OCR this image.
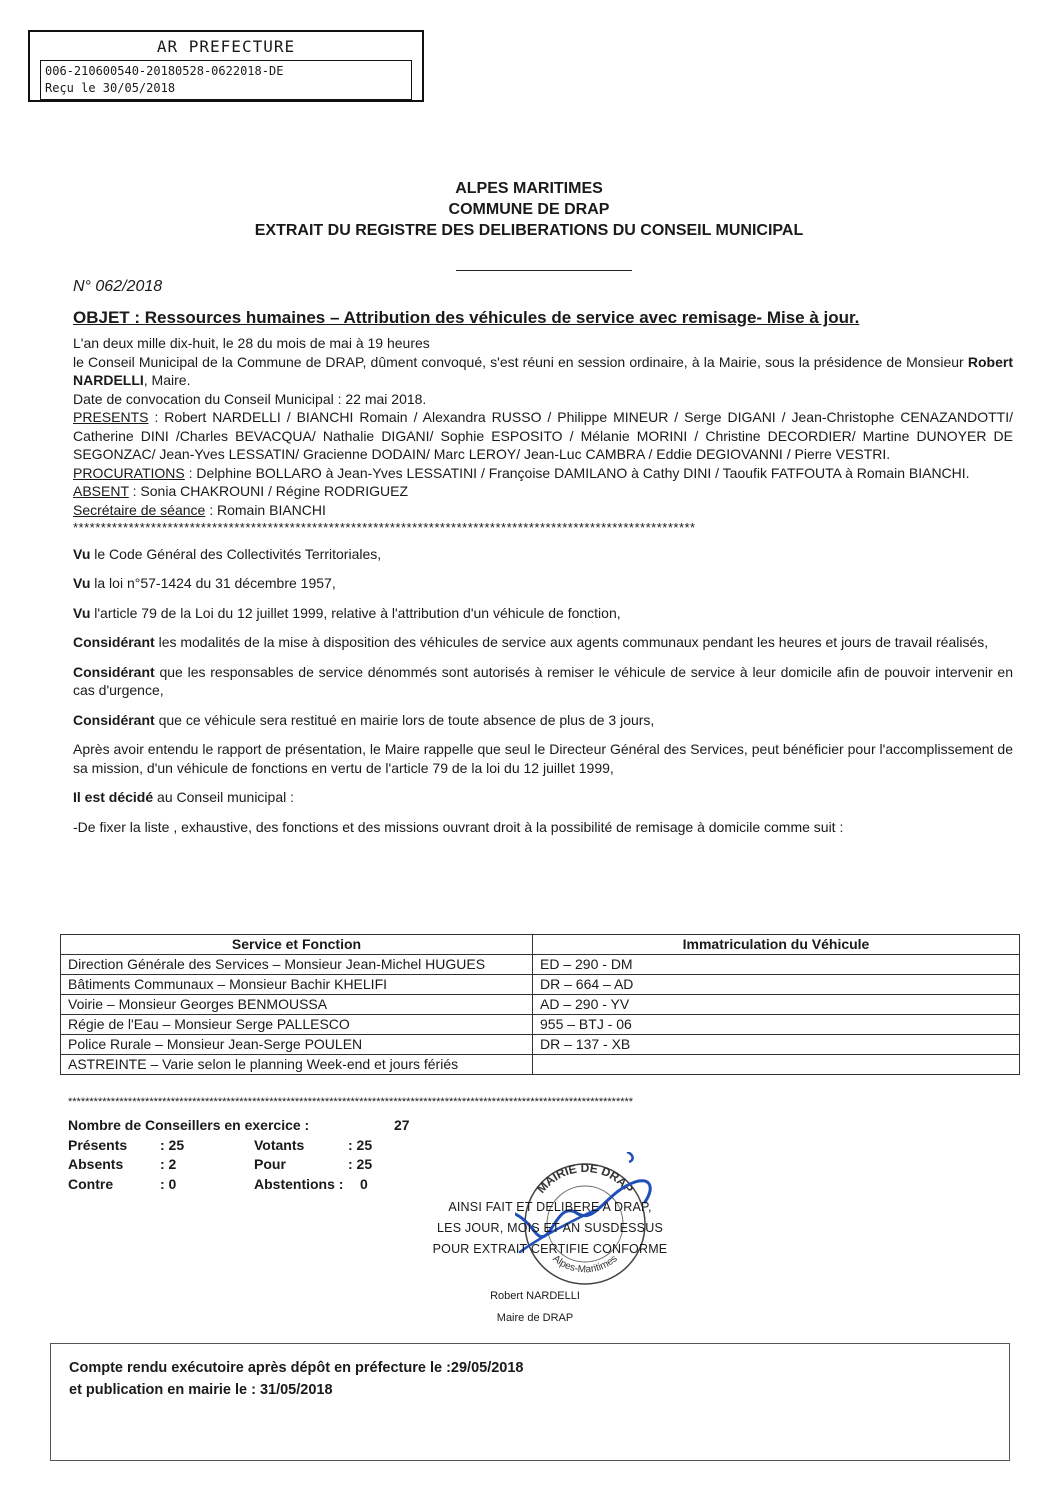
AR PREFECTURE
006-210600540-20180528-0622018-DE
Reçu le 30/05/2018
ALPES MARITIMES
COMMUNE DE DRAP
EXTRAIT DU REGISTRE DES DELIBERATIONS DU CONSEIL MUNICIPAL
N° 062/2018
OBJET : Ressources humaines – Attribution des véhicules de service avec remisage- Mise à jour.
L'an deux mille dix-huit, le 28 du mois de mai à 19 heures
le Conseil Municipal de la Commune de DRAP, dûment convoqué, s'est réuni en session ordinaire, à la Mairie, sous la présidence de Monsieur Robert NARDELLI, Maire.
Date de convocation du Conseil Municipal : 22 mai 2018.
PRESENTS : Robert NARDELLI / BIANCHI Romain / Alexandra RUSSO / Philippe MINEUR / Serge DIGANI / Jean-Christophe CENAZANDOTTI/ Catherine DINI /Charles BEVACQUA/ Nathalie DIGANI/ Sophie ESPOSITO / Mélanie MORINI / Christine DECORDIER/ Martine DUNOYER DE SEGONZAC/ Jean-Yves LESSATIN/ Gracienne DODAIN/ Marc LEROY/ Jean-Luc CAMBRA / Eddie DEGIOVANNI / Pierre VESTRI.
PROCURATIONS : Delphine BOLLARO à Jean-Yves LESSATINI / Françoise DAMILANO à Cathy DINI / Taoufik FATFOUTA à Romain BIANCHI.
ABSENT : Sonia CHAKROUNI / Régine RODRIGUEZ
Secrétaire de séance : Romain BIANCHI
****************************************************************************************************************

Vu le Code Général des Collectivités Territoriales,

Vu la loi n°57-1424 du 31 décembre 1957,

Vu l'article 79 de la Loi du 12 juillet 1999, relative à l'attribution d'un véhicule de fonction,

Considérant les modalités de la mise à disposition des véhicules de service aux agents communaux pendant les heures et jours de travail réalisés,

Considérant que les responsables de service dénommés sont autorisés à remiser le véhicule de service à leur domicile afin de pouvoir intervenir en cas d'urgence,

Considérant que ce véhicule sera restitué en mairie lors de toute absence de plus de 3 jours,

Après avoir entendu le rapport de présentation, le Maire rappelle que seul le Directeur Général des Services, peut bénéficier pour l'accomplissement de sa mission, d'un véhicule de fonctions en vertu de l'article 79 de la loi du 12 juillet 1999,

Il est décidé au Conseil municipal :

-De fixer la liste , exhaustive, des fonctions et des missions ouvrant droit à la possibilité de remisage à domicile comme suit :

Service et Fonction	Immatriculation du Véhicule
Direction Générale des Services – Monsieur Jean-Michel HUGUES	ED – 290 - DM
Bâtiments Communaux – Monsieur Bachir KHELIFI	DR – 664 – AD
Voirie – Monsieur Georges BENMOUSSA	AD – 290 - YV
Régie de l'Eau – Monsieur Serge PALLESCO	955 – BTJ - 06
Police Rurale – Monsieur Jean-Serge POULEN	DR – 137 - XB
ASTREINTE – Varie selon le planning Week-end et jours fériés	
************************************************************************************************************************************
Nombre de Conseillers en exercice :	27
Présents	: 25	Votants	: 25
Absents	: 2	Pour	: 25
Contre	: 0	Abstentions :	0	MAIRIE DE DRAP
Alpes-Maritimes
AINSI FAIT ET DELIBERE A DRAP,
LES JOUR, MOIS ET AN SUSDESSUS
POUR EXTRAIT CERTIFIE CONFORME
Robert NARDELLI
Maire de DRAP
Compte rendu exécutoire après dépôt en préfecture le :29/05/2018
et publication en mairie le : 31/05/2018
